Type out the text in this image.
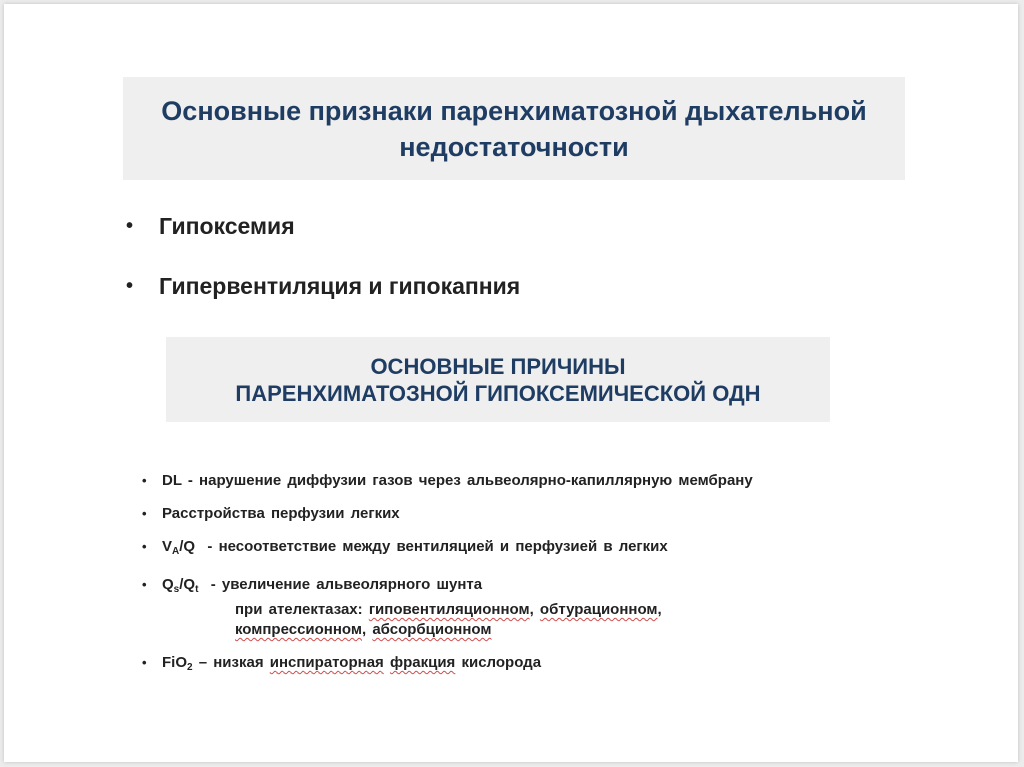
Основные признаки паренхиматозной дыхательной
недостаточности
• Гипоксемия
• Гипервентиляция и гипокапния
ОСНОВНЫЕ ПРИЧИНЫ
ПАРЕНХИМАТОЗНОЙ ГИПОКСЕМИЧЕСКОЙ ОДН
• DL - нарушение диффузии газов через альвеолярно-капиллярную мембрану
• Расстройства перфузии легких
• $V_A/Q$  - несоответствие между вентиляцией и перфузией в легких
• $Q_s/Q_t$  - увеличение альвеолярного шунта
при ателектазах: гиповентиляционном, обтурационном,
компрессионном, абсорбционном
• FiO$_2$ – низкая инспираторная фракция кислорода
